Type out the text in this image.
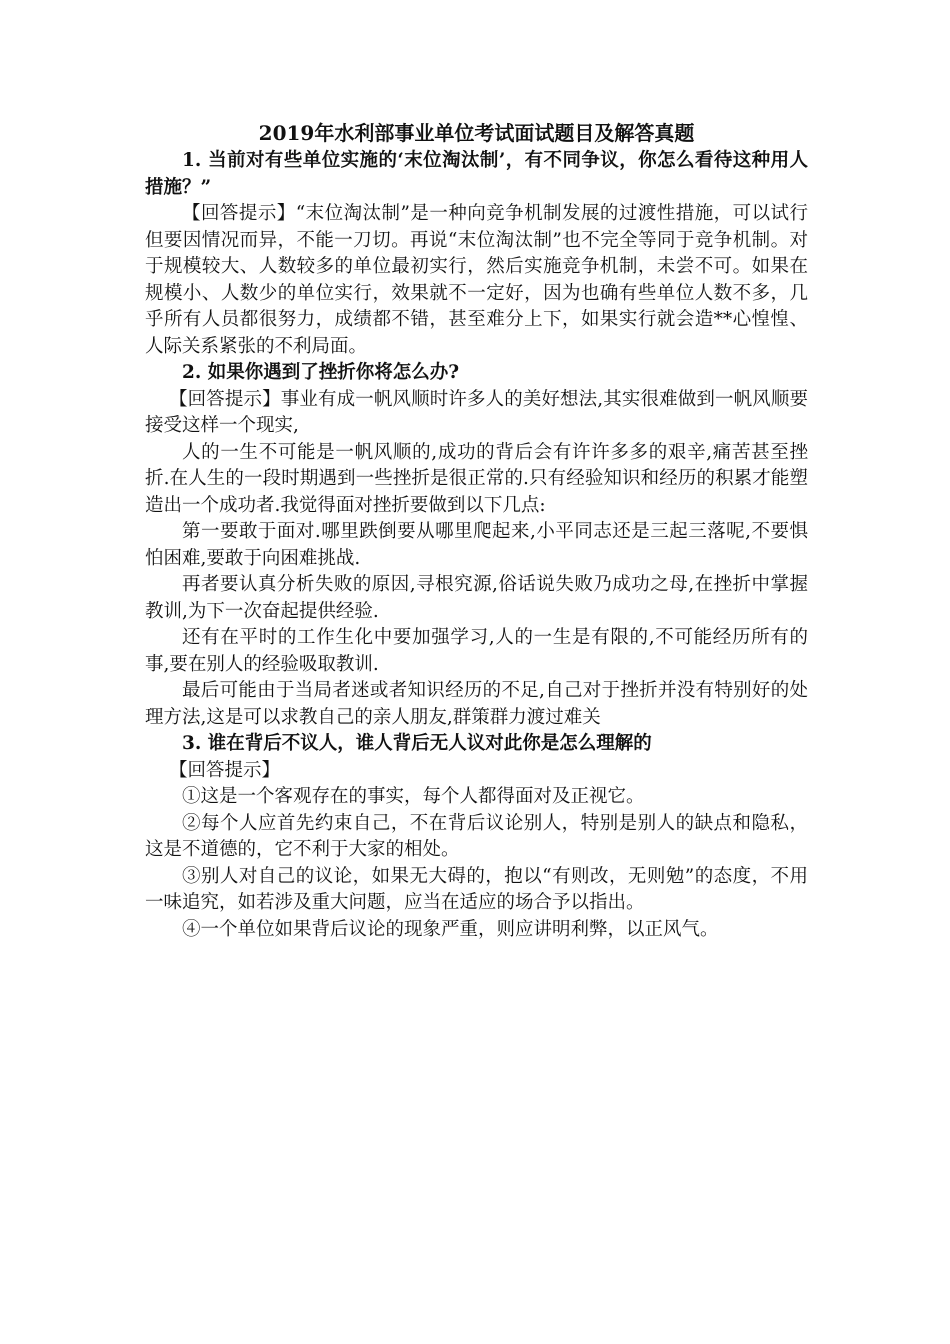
2019年水利部事业单位考试面试题目及解答真题

1. 当前对有些单位实施的‘末位淘汰制’，有不同争议，你怎么看待这种用人措施？”

【回答提示】“末位淘汰制”是一种向竞争机制发展的过渡性措施，可以试行但要因情况而异，不能一刀切。再说“末位淘汰制”也不完全等同于竞争机制。对于规模较大、人数较多的单位最初实行，然后实施竞争机制，未尝不可。如果在规模小、人数少的单位实行，效果就不一定好，因为也确有些单位人数不多，几乎所有人员都很努力，成绩都不错，甚至难分上下，如果实行就会造**心惶惶、人际关系紧张的不利局面。

2. 如果你遇到了挫折你将怎么办?

【回答提示】事业有成一帆风顺时许多人的美好想法,其实很难做到一帆风顺要接受这样一个现实,

人的一生不可能是一帆风顺的,成功的背后会有许许多多的艰辛,痛苦甚至挫折.在人生的一段时期遇到一些挫折是很正常的.只有经验知识和经历的积累才能塑造出一个成功者.我觉得面对挫折要做到以下几点:

第一要敢于面对.哪里跌倒要从哪里爬起来,小平同志还是三起三落呢,不要惧怕困难,要敢于向困难挑战.

再者要认真分析失败的原因,寻根究源,俗话说失败乃成功之母,在挫折中掌握教训,为下一次奋起提供经验.

还有在平时的工作生化中要加强学习,人的一生是有限的,不可能经历所有的事,要在别人的经验吸取教训.

最后可能由于当局者迷或者知识经历的不足,自己对于挫折并没有特别好的处理方法,这是可以求教自己的亲人朋友,群策群力渡过难关

3. 谁在背后不议人，谁人背后无人议对此你是怎么理解的

【回答提示】

①这是一个客观存在的事实，每个人都得面对及正视它。

②每个人应首先约束自己，不在背后议论别人，特别是别人的缺点和隐私，这是不道德的，它不利于大家的相处。

③别人对自己的议论，如果无大碍的，抱以“有则改，无则勉”的态度，不用一味追究，如若涉及重大问题，应当在适应的场合予以指出。

④一个单位如果背后议论的现象严重，则应讲明利弊，以正风气。
